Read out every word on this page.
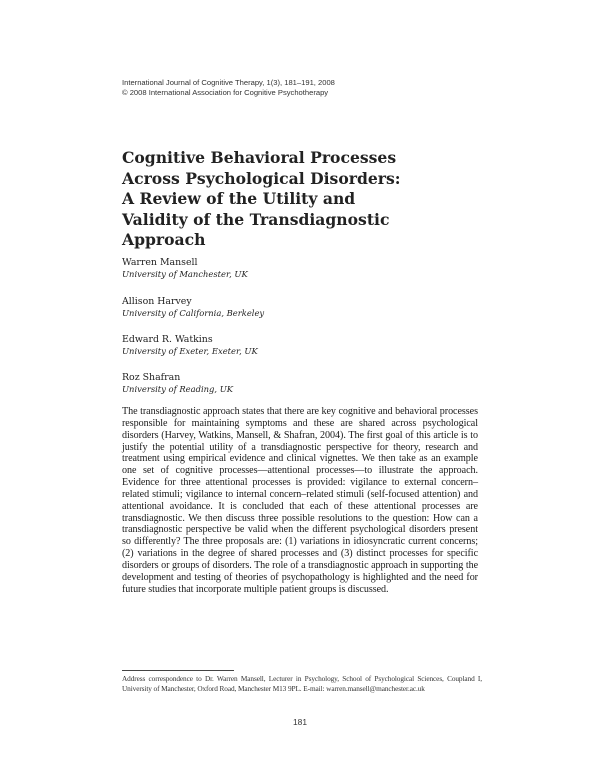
International Journal of Cognitive Therapy, 1(3), 181–191, 2008
© 2008 International Association for Cognitive Psychotherapy
Cognitive Behavioral Processes
Across Psychological Disorders:
A Review of the Utility and
Validity of the Transdiagnostic
Approach
Warren Mansell
University of Manchester, UK
Allison Harvey
University of California, Berkeley
Edward R. Watkins
University of Exeter, Exeter, UK
Roz Shafran
University of Reading, UK
The transdiagnostic approach states that there are key cognitive and behavioral processes responsible for maintaining symptoms and these are shared across psychological disorders (Harvey, Watkins, Mansell, & Shafran, 2004). The first goal of this article is to justify the potential utility of a transdiagnostic perspective for theory, research and treatment using empirical evidence and clinical vignettes. We then take as an example one set of cognitive processes—attentional processes—to illustrate the approach. Evidence for three attentional processes is provided: vigilance to external concern–related stimuli; vigilance to internal concern–related stimuli (self-focused attention) and attentional avoidance. It is concluded that each of these attentional processes are transdiagnostic. We then discuss three possible resolutions to the question: How can a transdiagnostic perspective be valid when the different psychological disorders present so differently? The three proposals are: (1) variations in idiosyncratic current concerns; (2) variations in the degree of shared processes and (3) distinct processes for specific disorders or groups of disorders. The role of a transdiagnostic approach in supporting the development and testing of theories of psychopathology is highlighted and the need for future studies that incorporate multiple patient groups is discussed.
Address correspondence to Dr. Warren Mansell, Lecturer in Psychology, School of Psychological Sciences, Coupland I, University of Manchester, Oxford Road, Manchester M13 9PL. E-mail: warren.mansell@manchester.ac.uk
181
